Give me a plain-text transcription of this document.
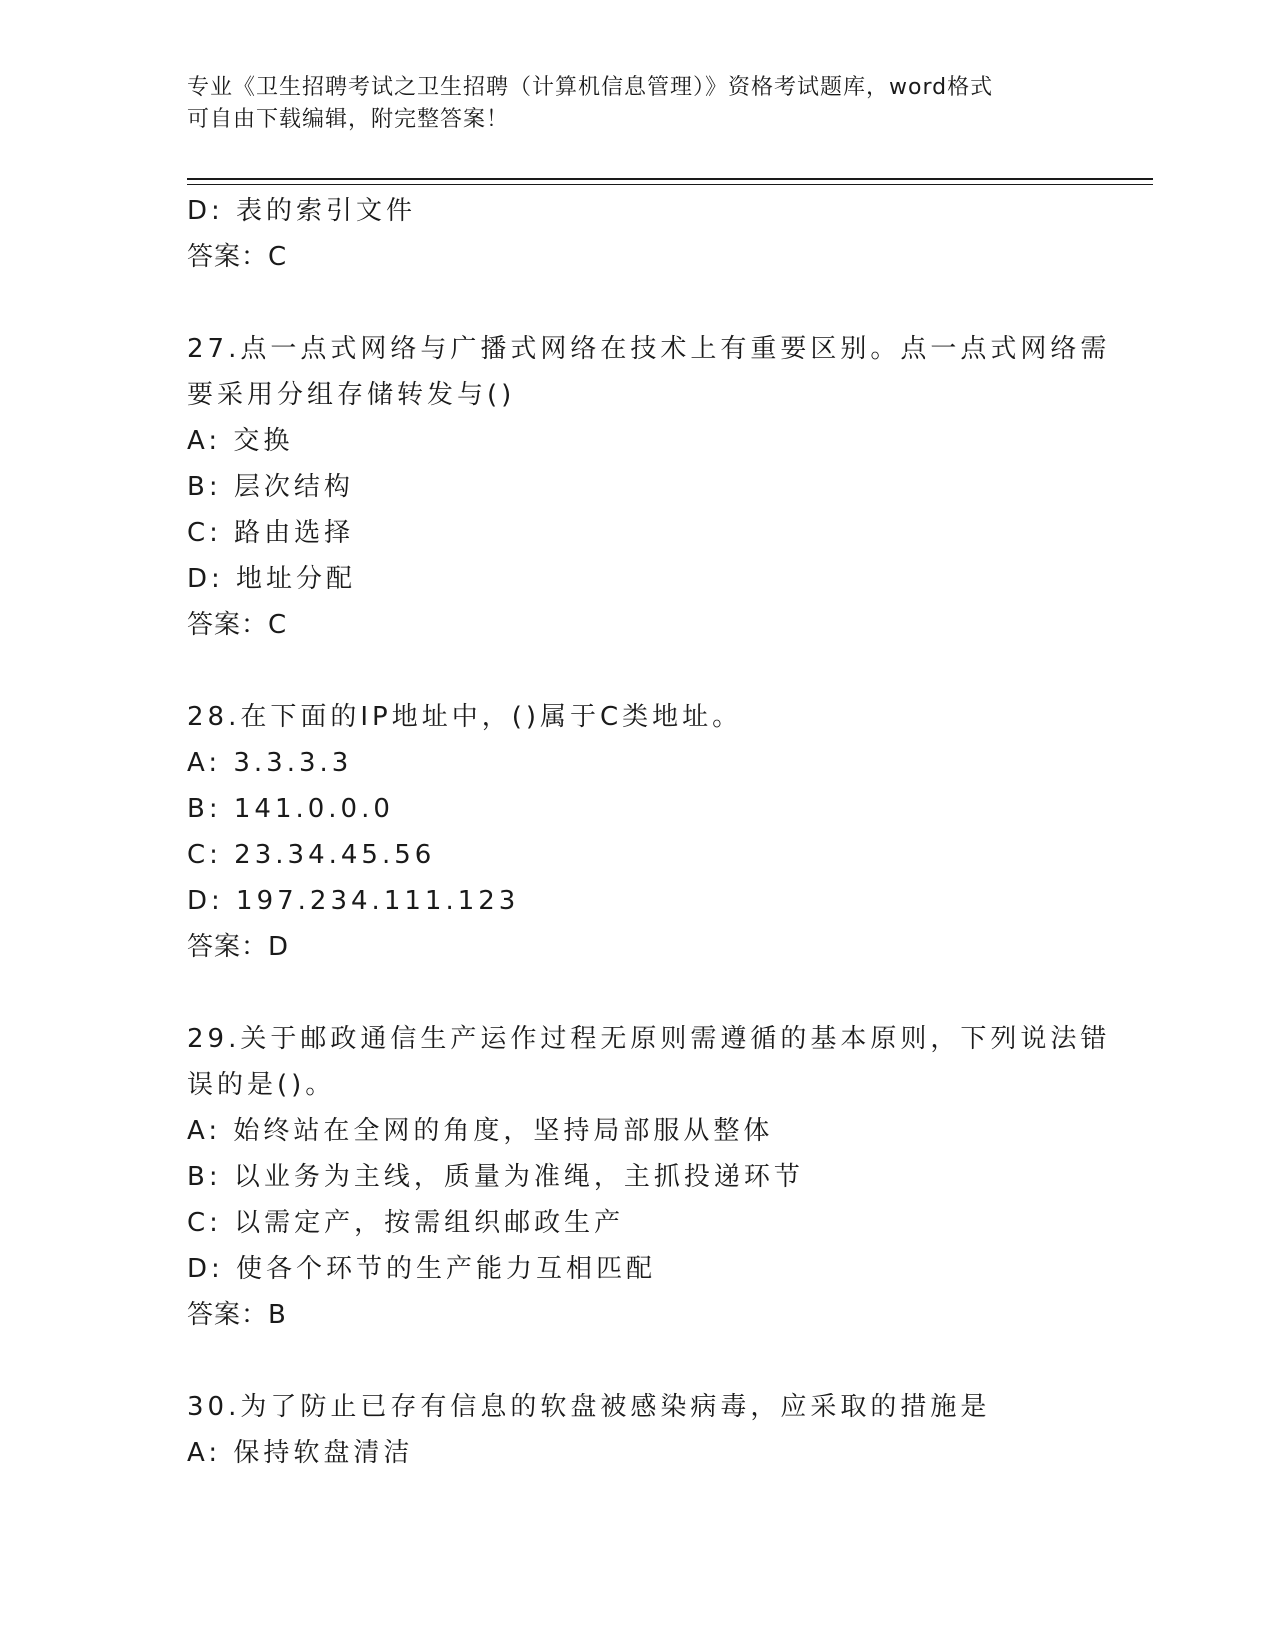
专业《卫生招聘考试之卫生招聘（计算机信息管理）》资格考试题库，word格式
可自由下载编辑，附完整答案！
D: 表的索引文件
答案：C
27.点一点式网络与广播式网络在技术上有重要区别。点一点式网络需
要采用分组存储转发与()
A: 交换
B: 层次结构
C: 路由选择
D: 地址分配
答案：C
28.在下面的IP地址中，()属于C类地址。
A: 3.3.3.3
B: 141.0.0.0
C: 23.34.45.56
D: 197.234.111.123
答案：D
29.关于邮政通信生产运作过程无原则需遵循的基本原则，下列说法错
误的是()。
A: 始终站在全网的角度，坚持局部服从整体
B: 以业务为主线，质量为准绳，主抓投递环节
C: 以需定产，按需组织邮政生产
D: 使各个环节的生产能力互相匹配
答案：B
30.为了防止已存有信息的软盘被感染病毒，应采取的措施是
A: 保持软盘清洁
